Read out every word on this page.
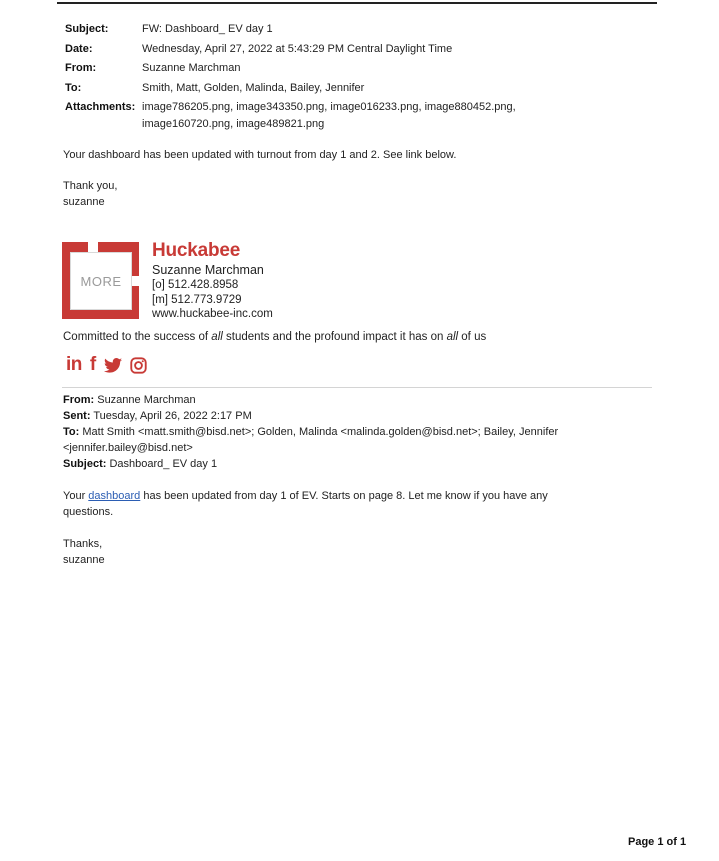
Subject:	FW: Dashboard_ EV day 1
Date:	Wednesday, April 27, 2022 at 5:43:29 PM Central Daylight Time
From:	Suzanne Marchman
To:	Smith, Matt, Golden, Malinda, Bailey, Jennifer
Attachments: image786205.png, image343350.png, image016233.png, image880452.png,
image160720.png, image489821.png
Your dashboard has been updated with turnout from day 1 and 2. See link below.
Thank you,
suzanne
MORE
Huckabee
Suzanne Marchman
[o] 512.428.8958
[m] 512.773.9729
www.huckabee-inc.com
Committed to the success of all students and the profound impact it has on all of us
in f
From: Suzanne Marchman
Sent: Tuesday, April 26, 2022 2:17 PM
To: Matt Smith <matt.smith@bisd.net>; Golden, Malinda <malinda.golden@bisd.net>; Bailey, Jennifer
<jennifer.bailey@bisd.net>
Subject: Dashboard_ EV day 1
Your dashboard has been updated from day 1 of EV. Starts on page 8. Let me know if you have any
questions.
Thanks,
suzanne
Page 1 of 1
